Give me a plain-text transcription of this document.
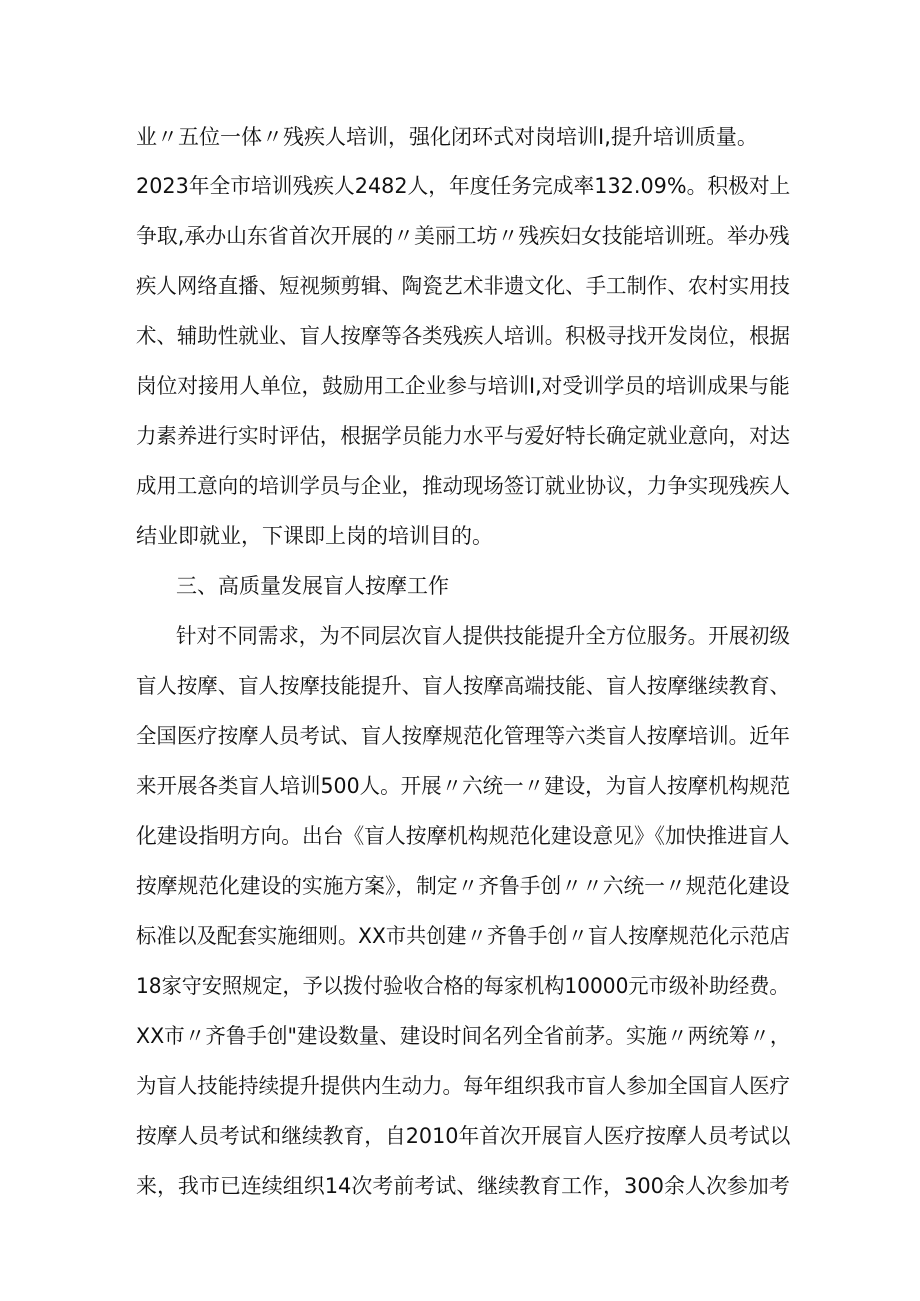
业〃五位一体〃残疾人培训，强化闭环式对岗培训Ⅰ,提升培训质量。
2023年全市培训残疾人2482人，年度任务完成率132.09%。积极对上
争取,承办山东省首次开展的〃美丽工坊〃残疾妇女技能培训班。举办残
疾人网络直播、短视频剪辑、陶瓷艺术非遗文化、手工制作、农村实用技
术、辅助性就业、盲人按摩等各类残疾人培训。积极寻找开发岗位，根据
岗位对接用人单位，鼓励用工企业参与培训Ⅰ,对受训学员的培训成果与能
力素养进行实时评估，根据学员能力水平与爱好特长确定就业意向，对达
成用工意向的培训学员与企业，推动现场签订就业协议，力争实现残疾人
结业即就业，下课即上岗的培训目的。
三、高质量发展盲人按摩工作
针对不同需求，为不同层次盲人提供技能提升全方位服务。开展初级
盲人按摩、盲人按摩技能提升、盲人按摩高端技能、盲人按摩继续教育、
全国医疗按摩人员考试、盲人按摩规范化管理等六类盲人按摩培训。近年
来开展各类盲人培训500人。开展〃六统一〃建设，为盲人按摩机构规范
化建设指明方向。出台《盲人按摩机构规范化建设意见》《加快推进盲人
按摩规范化建设的实施方案》，制定〃齐鲁手创〃〃六统一〃规范化建设
标准以及配套实施细则。XX市共创建〃齐鲁手创〃盲人按摩规范化示范店
18家守安照规定，予以拨付验收合格的每家机构10000元市级补助经费。
XX市〃齐鲁手创"建设数量、建设时间名列全省前茅。实施〃两统筹〃，
为盲人技能持续提升提供内生动力。每年组织我市盲人参加全国盲人医疗
按摩人员考试和继续教育，自2010年首次开展盲人医疗按摩人员考试以
来，我市已连续组织14次考前考试、继续教育工作，300余人次参加考
